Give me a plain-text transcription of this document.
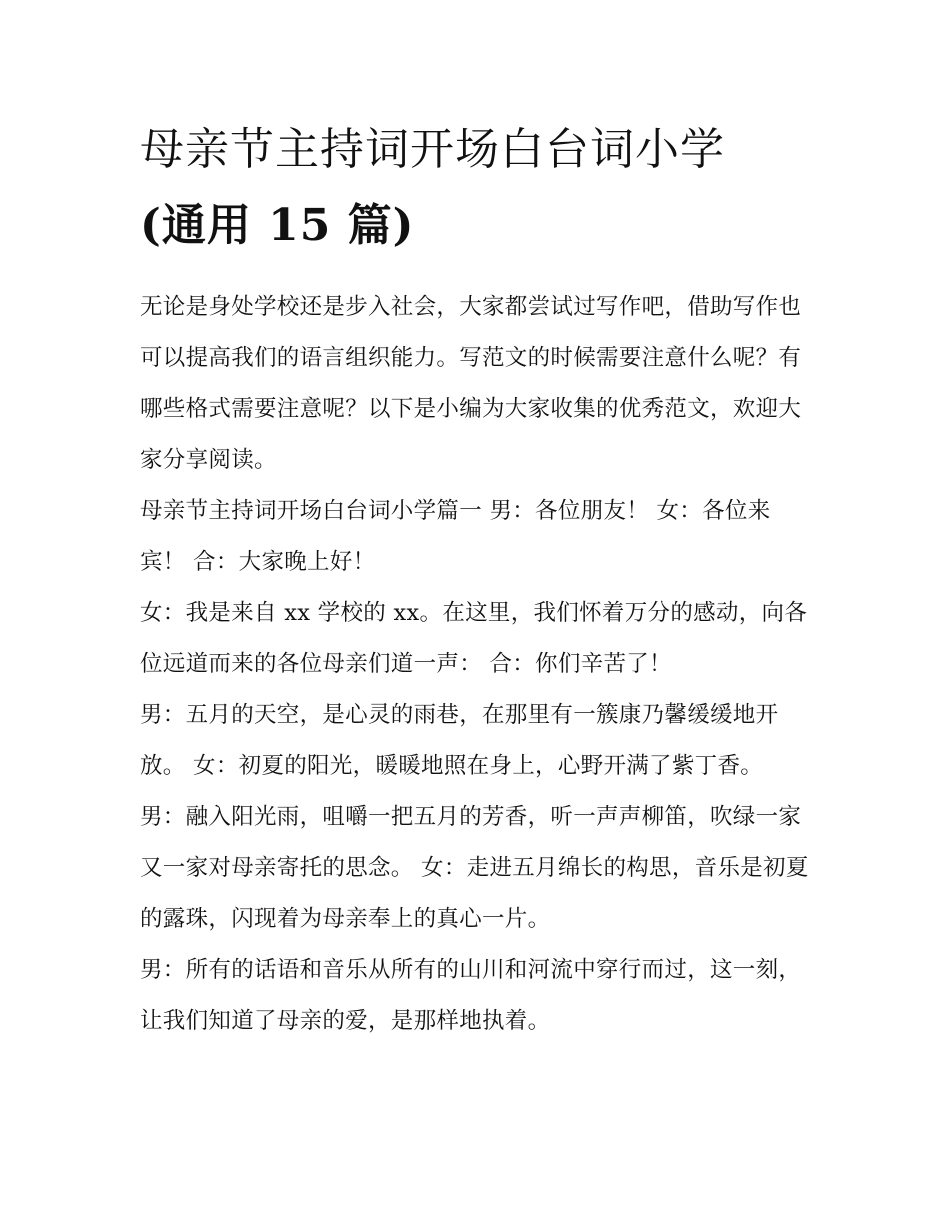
母亲节主持词开场白台词小学
(通用 15 篇)

无论是身处学校还是步入社会，大家都尝试过写作吧，借助写作也可以提高我们的语言组织能力。写范文的时候需要注意什么呢？有哪些格式需要注意呢？以下是小编为大家收集的优秀范文，欢迎大家分享阅读。

母亲节主持词开场白台词小学篇一 男：各位朋友！ 女：各位来宾！ 合：大家晚上好！

女：我是来自 xx 学校的 xx。在这里，我们怀着万分的感动，向各位远道而来的各位母亲们道一声： 合：你们辛苦了！

男：五月的天空，是心灵的雨巷，在那里有一簇康乃馨缓缓地开放。 女：初夏的阳光，暖暖地照在身上，心野开满了紫丁香。

男：融入阳光雨，咀嚼一把五月的芳香，听一声声柳笛，吹绿一家又一家对母亲寄托的思念。 女：走进五月绵长的构思，音乐是初夏的露珠，闪现着为母亲奉上的真心一片。

男：所有的话语和音乐从所有的山川和河流中穿行而过，这一刻，让我们知道了母亲的爱，是那样地执着。
